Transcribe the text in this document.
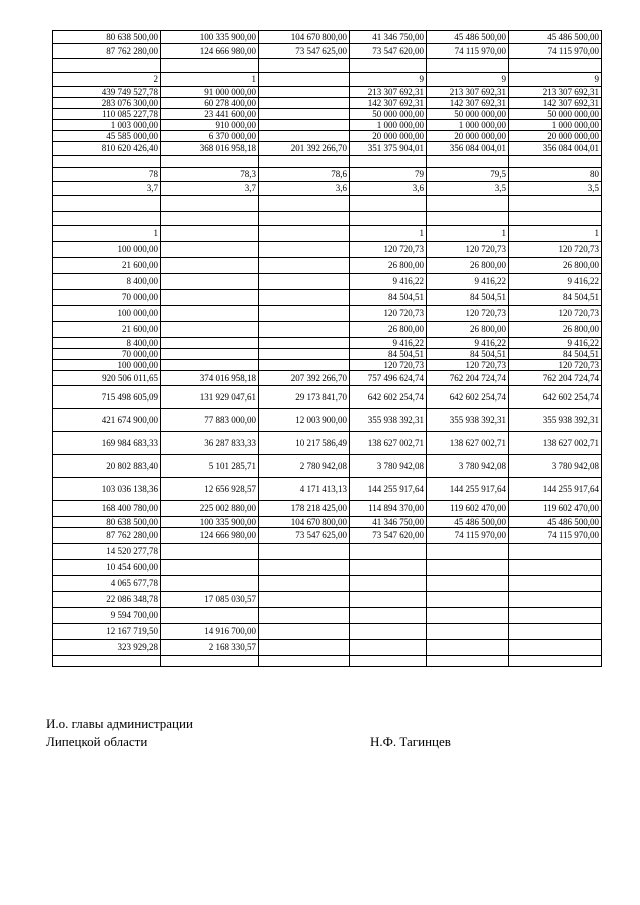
80 638 500,00	100 335 900,00	104 670 800,00	41 346 750,00	45 486 500,00	45 486 500,00
87 762 280,00	124 666 980,00	73 547 625,00	73 547 620,00	74 115 970,00	74 115 970,00

2	1		9	9	9
439 749 527,78	91 000 000,00		213 307 692,31	213 307 692,31	213 307 692,31
283 076 300,00	60 278 400,00		142 307 692,31	142 307 692,31	142 307 692,31
110 085 227,78	23 441 600,00		50 000 000,00	50 000 000,00	50 000 000,00
1 003 000,00	910 000,00		1 000 000,00	1 000 000,00	1 000 000,00
45 585 000,00	6 370 000,00		20 000 000,00	20 000 000,00	20 000 000,00
810 620 426,40	368 016 958,18	201 392 266,70	351 375 904,01	356 084 004,01	356 084 004,01

78	78,3	78,6	79	79,5	80
3,7	3,7	3,6	3,6	3,5	3,5

1			1	1	1
100 000,00			120 720,73	120 720,73	120 720,73
21 600,00			26 800,00	26 800,00	26 800,00
8 400,00			9 416,22	9 416,22	9 416,22
70 000,00			84 504,51	84 504,51	84 504,51
100 000,00			120 720,73	120 720,73	120 720,73
21 600,00			26 800,00	26 800,00	26 800,00
8 400,00			9 416,22	9 416,22	9 416,22
70 000,00			84 504,51	84 504,51	84 504,51
100 000,00			120 720,73	120 720,73	120 720,73
920 506 011,65	374 016 958,18	207 392 266,70	757 496 624,74	762 204 724,74	762 204 724,74
715 498 605,09	131 929 047,61	29 173 841,70	642 602 254,74	642 602 254,74	642 602 254,74
421 674 900,00	77 883 000,00	12 003 900,00	355 938 392,31	355 938 392,31	355 938 392,31
169 984 683,33	36 287 833,33	10 217 586,49	138 627 002,71	138 627 002,71	138 627 002,71
20 802 883,40	5 101 285,71	2 780 942,08	3 780 942,08	3 780 942,08	3 780 942,08
103 036 138,36	12 656 928,57	4 171 413,13	144 255 917,64	144 255 917,64	144 255 917,64
168 400 780,00	225 002 880,00	178 218 425,00	114 894 370,00	119 602 470,00	119 602 470,00
80 638 500,00	100 335 900,00	104 670 800,00	41 346 750,00	45 486 500,00	45 486 500,00
87 762 280,00	124 666 980,00	73 547 625,00	73 547 620,00	74 115 970,00	74 115 970,00
14 520 277,78					
10 454 600,00					
4 065 677,78					
22 086 348,78	17 085 030,57				
9 594 700,00					
12 167 719,50	14 916 700,00				
323 929,28	2 168 330,57				

И.о. главы администрации
Липецкой области	Н.Ф. Тагинцев
